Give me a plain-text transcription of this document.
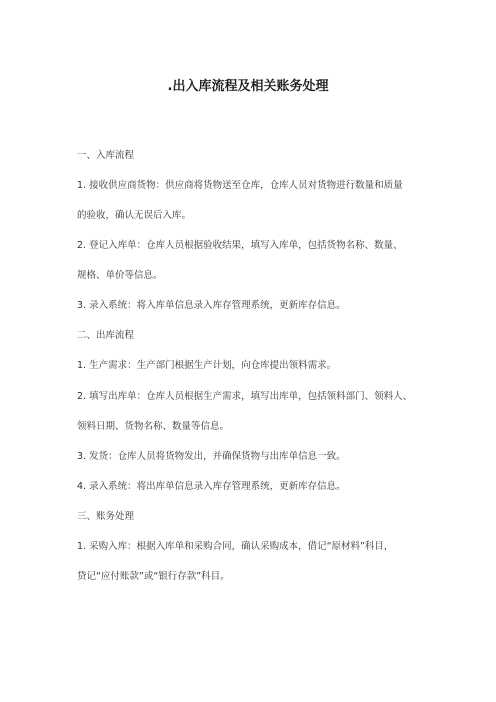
.出入库流程及相关账务处理
一、入库流程
1. 接收供应商货物：供应商将货物送至仓库，仓库人员对货物进行数量和质量
的验收，确认无误后入库。
2. 登记入库单：仓库人员根据验收结果，填写入库单，包括货物名称、数量、
规格、单价等信息。
3. 录入系统：将入库单信息录入库存管理系统，更新库存信息。
二、出库流程
1. 生产需求：生产部门根据生产计划，向仓库提出领料需求。
2. 填写出库单：仓库人员根据生产需求，填写出库单，包括领料部门、领料人、
领料日期、货物名称、数量等信息。
3. 发货：仓库人员将货物发出，并确保货物与出库单信息一致。
4. 录入系统：将出库单信息录入库存管理系统，更新库存信息。
三、账务处理
1. 采购入库：根据入库单和采购合同，确认采购成本，借记“原材料”科目，
贷记“应付账款”或“银行存款”科目。
